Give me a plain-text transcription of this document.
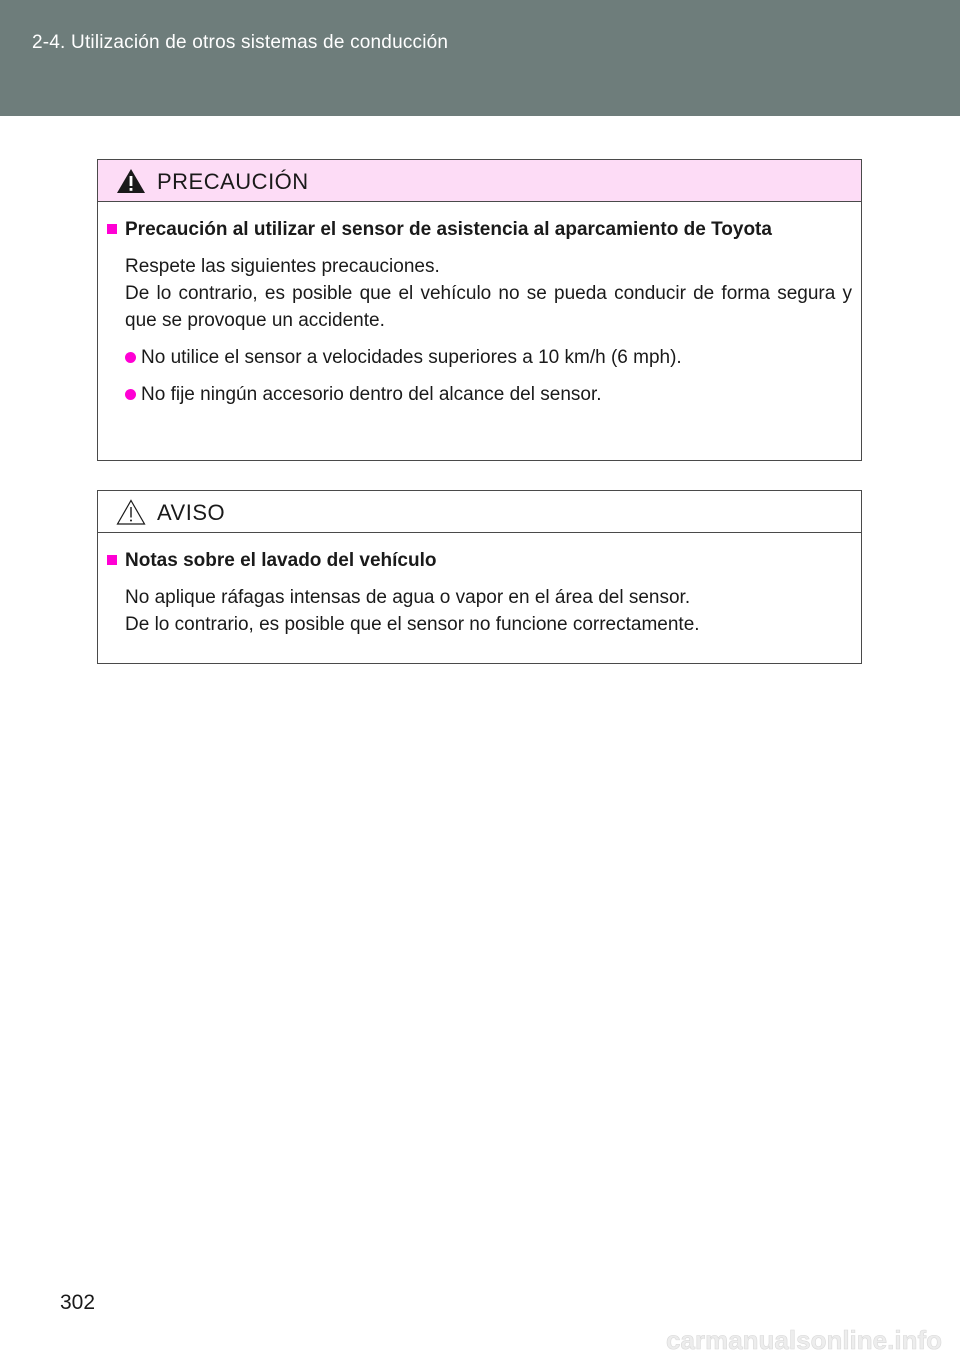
2-4. Utilización de otros sistemas de conducción
PRECAUCIÓN
Precaución al utilizar el sensor de asistencia al aparcamiento de Toyota
Respete las siguientes precauciones.
De lo contrario, es posible que el vehículo no se pueda conducir de forma segura y que se provoque un accidente.
No utilice el sensor a velocidades superiores a 10 km/h (6 mph).
No fije ningún accesorio dentro del alcance del sensor.
AVISO
Notas sobre el lavado del vehículo
No aplique ráfagas intensas de agua o vapor en el área del sensor.
De lo contrario, es posible que el sensor no funcione correctamente.
302
carmanualsonline.info
